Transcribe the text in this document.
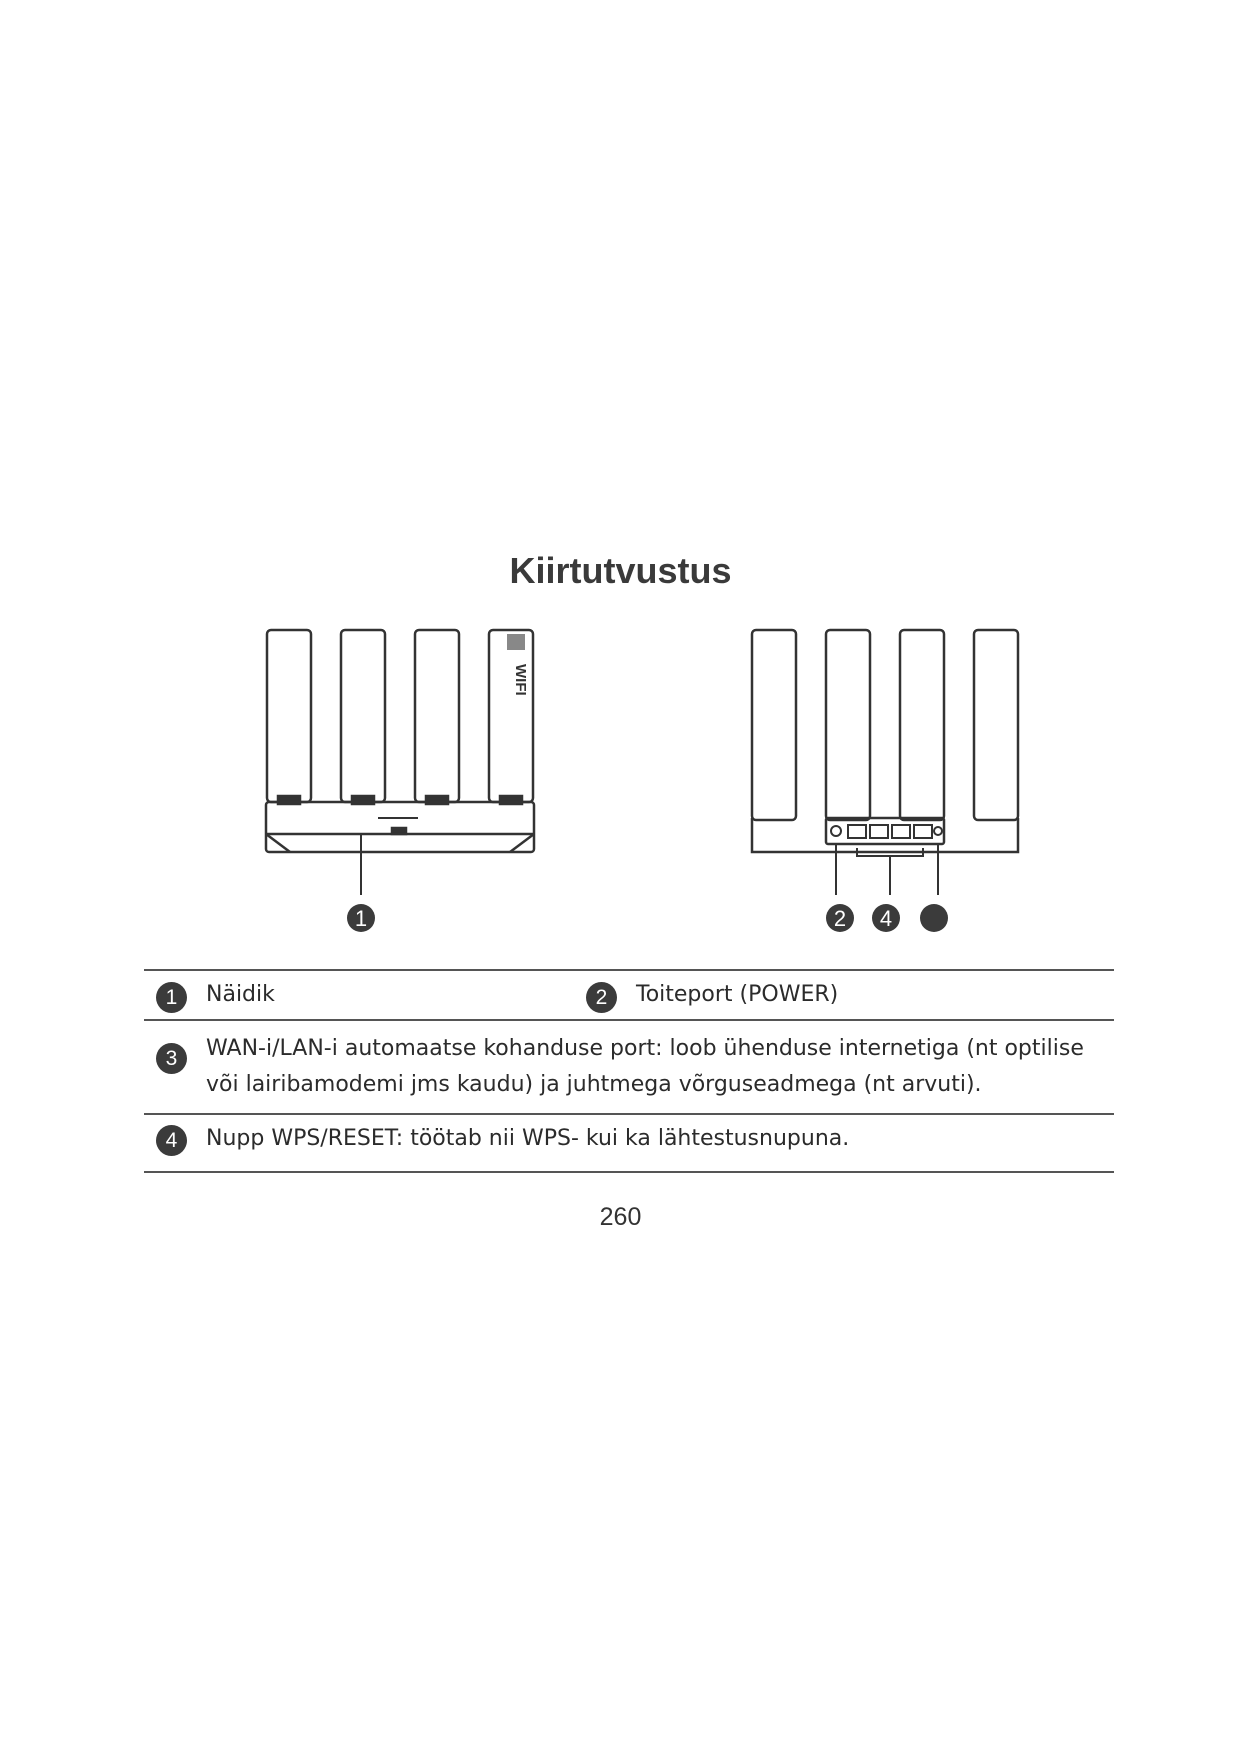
Kiirtutvustus
WIFI
1	2 4
1	Näidik	2	Toiteport (POWER)
3	WAN-i/LAN-i automaatse kohanduse port: loob ühenduse internetiga (nt optilise või lairibamodemi jms kaudu) ja juhtmega võrguseadmega (nt arvuti).
4	Nupp WPS/RESET: töötab nii WPS- kui ka lähtestusnupuna.
260
